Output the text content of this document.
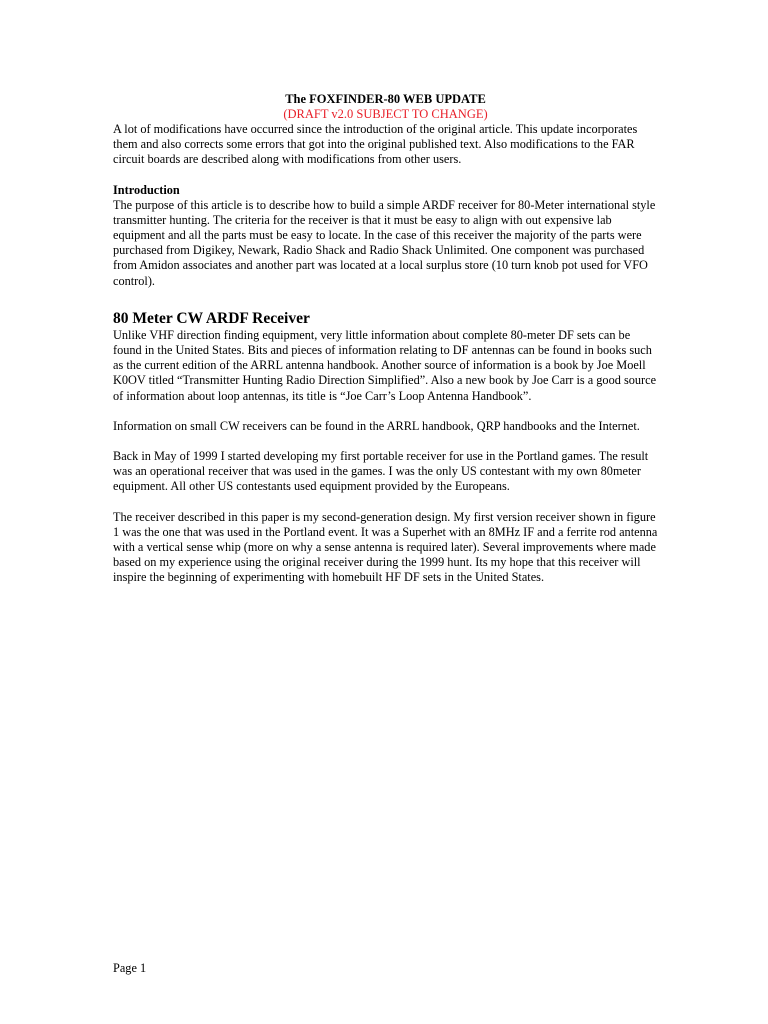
The FOXFINDER-80 WEB UPDATE

(DRAFT v2.0 SUBJECT TO CHANGE)

A lot of modifications have occurred since the introduction of the original article. This update incorporates them and also corrects some errors that got into the original published text. Also modifications to the FAR circuit boards are described along with modifications from other users.

Introduction

The purpose of this article is to describe how to build a simple ARDF receiver for 80-Meter international style transmitter hunting. The criteria for the receiver is that it must be easy to align with out expensive lab equipment and all the parts must be easy to locate. In the case of this receiver the majority of the parts were purchased from Digikey, Newark, Radio Shack and Radio Shack Unlimited. One component was purchased from Amidon associates and another part was located at a local surplus store (10 turn knob pot used for VFO control).

80 Meter CW ARDF Receiver

Unlike VHF direction finding equipment, very little information about complete 80-meter DF sets can be found in the United States. Bits and pieces of information relating to DF antennas can be found in books such as the current edition of the ARRL antenna handbook. Another source of information is a book by Joe Moell K0OV titled “Transmitter Hunting Radio Direction Simplified”. Also a new book by Joe Carr is a good source of information about loop antennas, its title is “Joe Carr’s Loop Antenna Handbook”.

Information on small CW receivers can be found in the ARRL handbook, QRP handbooks and the Internet.

Back in May of 1999 I started developing my first portable receiver for use in the Portland games. The result was an operational receiver that was used in the games. I was the only US contestant with my own 80meter equipment. All other US contestants used equipment provided by the Europeans.

The receiver described in this paper is my second-generation design. My first version receiver shown in figure 1 was the one that was used in the Portland event. It was a Superhet with an 8MHz IF and a ferrite rod antenna with a vertical sense whip (more on why a sense antenna is required later). Several improvements where made based on my experience using the original receiver during the 1999 hunt. Its my hope that this receiver will inspire the beginning of experimenting with homebuilt HF DF sets in the United States.

Page 1
